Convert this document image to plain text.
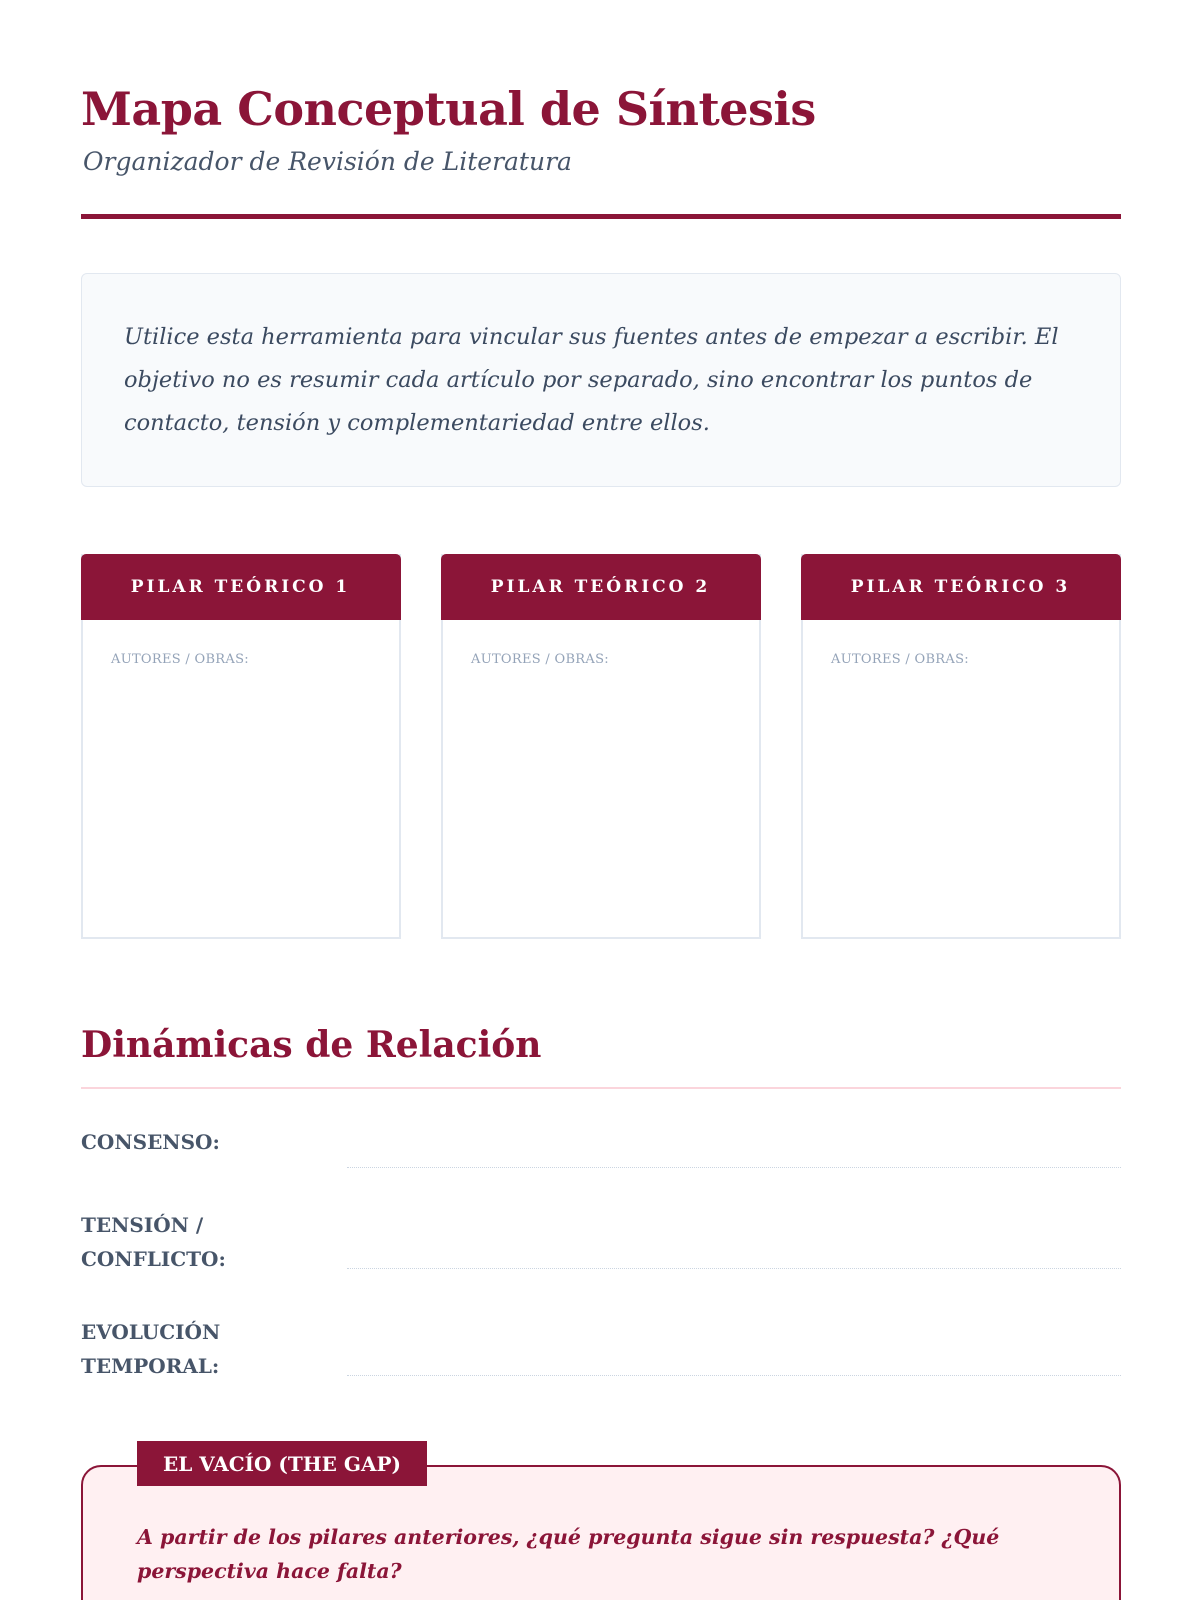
Mapa Conceptual de Síntesis
Organizador de Revisión de Literatura

Utilice esta herramienta para vincular sus fuentes antes de empezar a escribir. El objetivo no es resumir cada artículo por separado, sino encontrar los puntos de contacto, tensión y complementariedad entre ellos.

PILAR TEÓRICO 1
AUTORES / OBRAS:
PILAR TEÓRICO 2
AUTORES / OBRAS:
PILAR TEÓRICO 3
AUTORES / OBRAS:
Dinámicas de Relación
CONSENSO:
TENSIÓN / CONFLICTO:
EVOLUCIÓN TEMPORAL:
EL VACÍO (THE GAP)
A partir de los pilares anteriores, ¿qué pregunta sigue sin respuesta? ¿Qué perspectiva hace falta?
